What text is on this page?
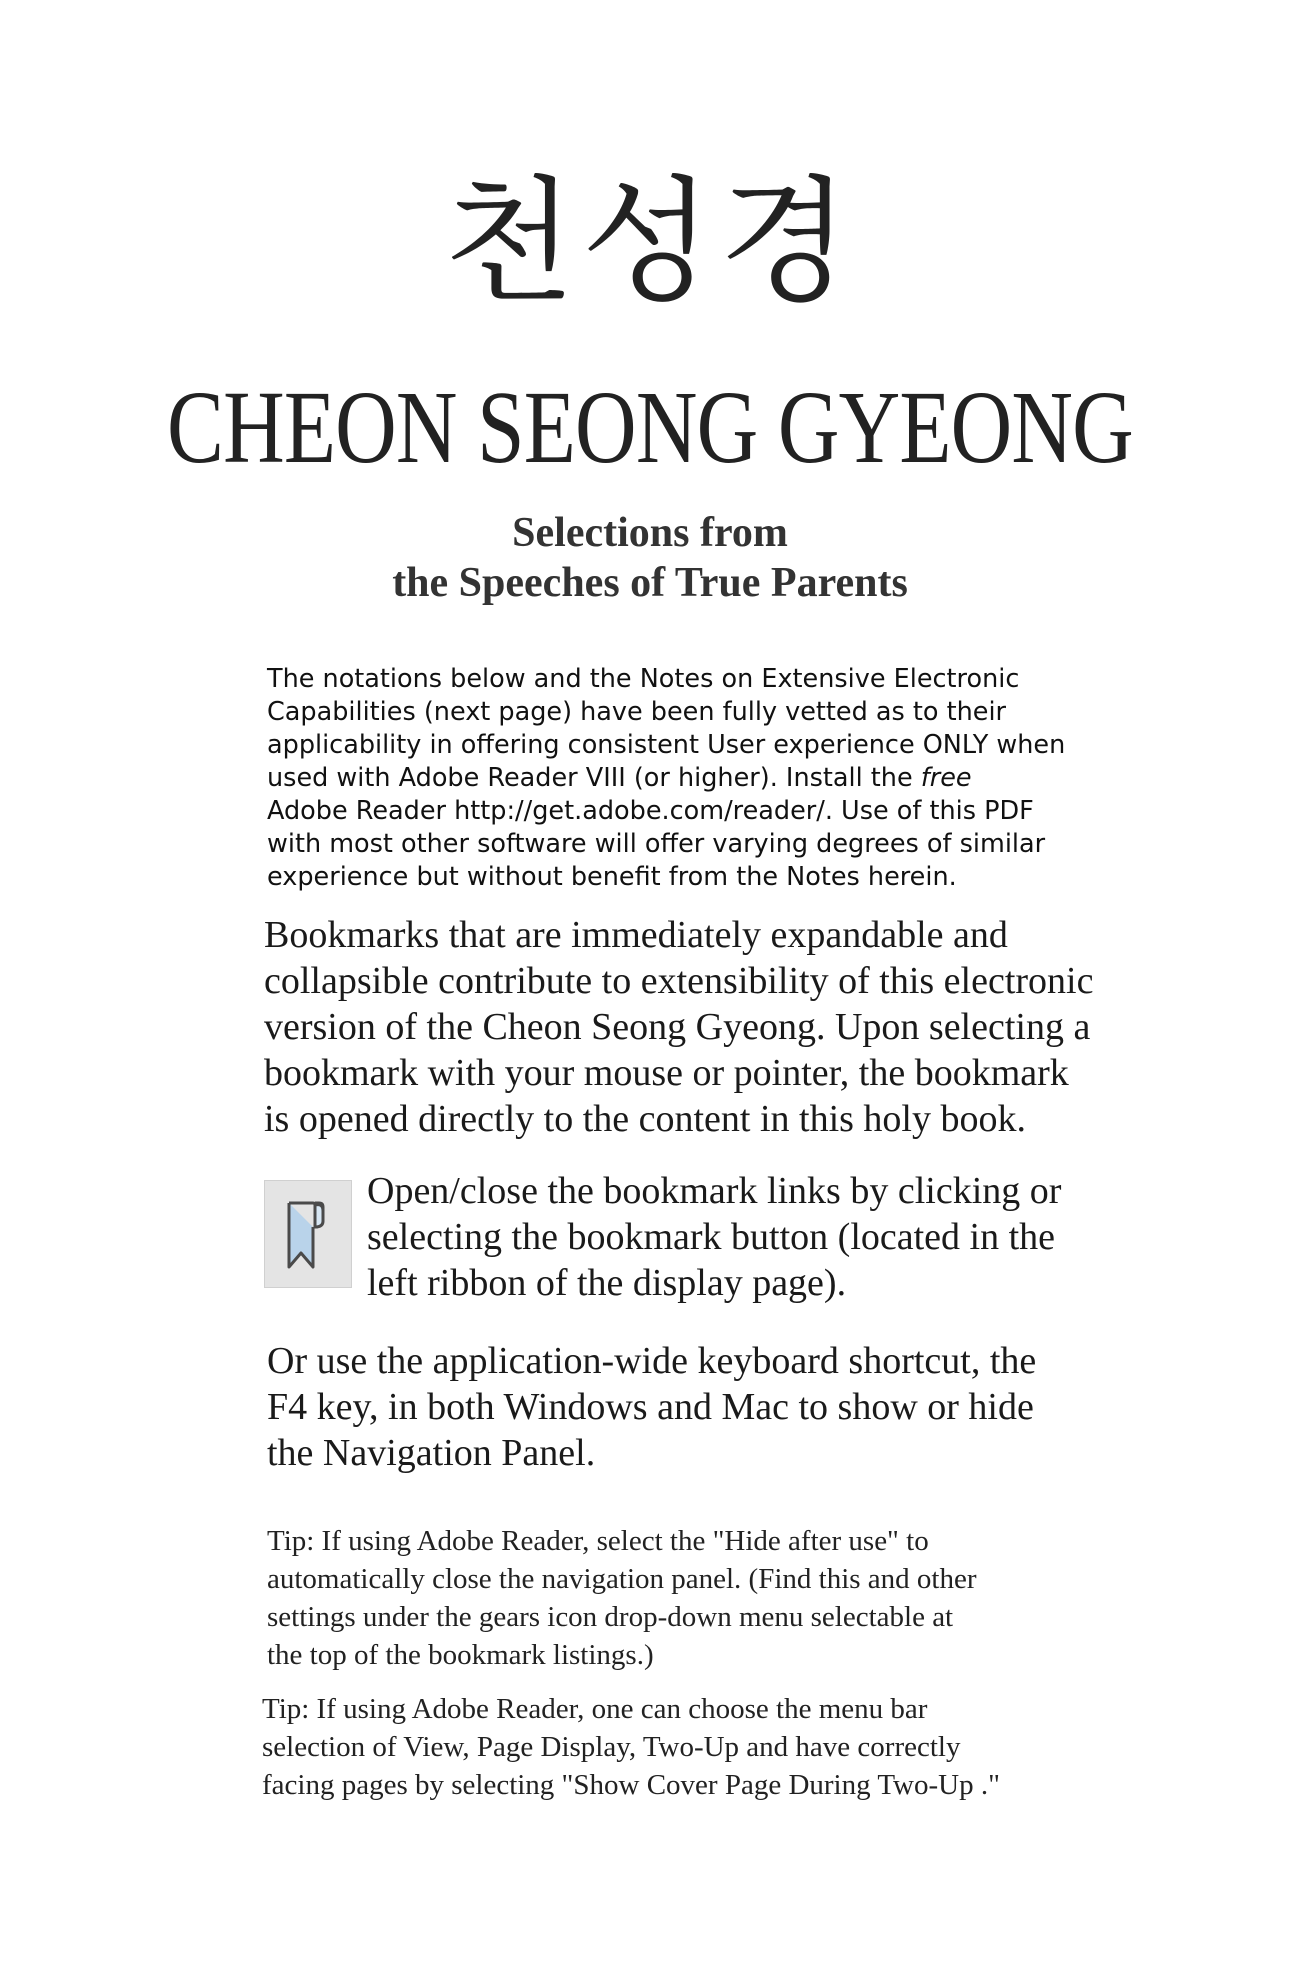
천성경
CHEON SEONG GYEONG
Selections from
the Speeches of True Parents
The notations below and the Notes on Extensive Electronic
Capabilities (next page) have been fully vetted as to their
applicability in offering consistent User experience ONLY when
used with Adobe Reader VIII (or higher). Install the free
Adobe Reader http://get.adobe.com/reader/. Use of this PDF
with most other software will offer varying degrees of similar
experience but without benefit from the Notes herein.
Bookmarks that are immediately expandable and
collapsible contribute to extensibility of this electronic
version of the Cheon Seong Gyeong. Upon selecting a
bookmark with your mouse or pointer, the bookmark
is opened directly to the content in this holy book.
Open/close the bookmark links by clicking or
selecting the bookmark button (located in the
left ribbon of the display page).
Or use the application-wide keyboard shortcut, the
F4 key, in both Windows and Mac to show or hide
the Navigation Panel.
Tip: If using Adobe Reader, select the "Hide after use" to
automatically close the navigation panel. (Find this and other
settings under the gears icon drop-down menu selectable at
the top of the bookmark listings.)
Tip: If using Adobe Reader, one can choose the menu bar
selection of View, Page Display, Two-Up and have correctly
facing pages by selecting "Show Cover Page During Two-Up ."
